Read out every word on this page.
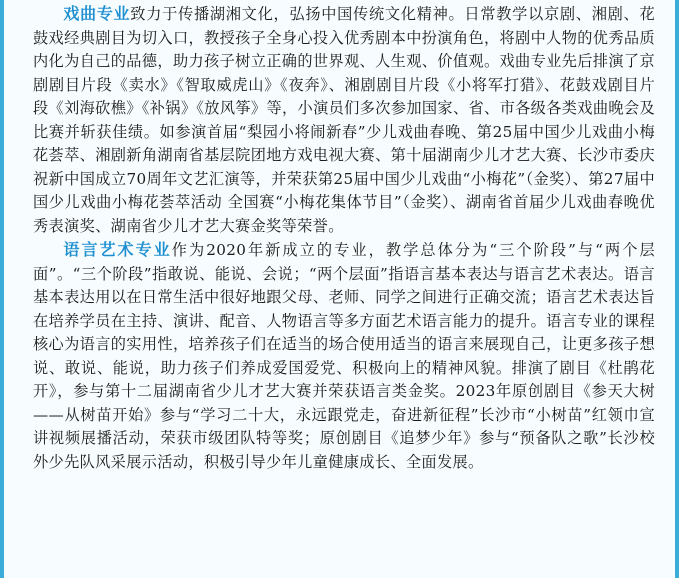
戏曲专业致力于传播湖湘文化，弘扬中国传统文化精神。日常教学以京剧、湘剧、花鼓戏经典剧目为切入口，教授孩子全身心投入优秀剧本中扮演角色，将剧中人物的优秀品质内化为自己的品德，助力孩子树立正确的世界观、人生观、价值观。戏曲专业先后排演了京剧剧目片段《卖水》《智取威虎山》《夜奔》、湘剧剧目片段《小将军打猎》、花鼓戏剧目片段《刘海砍樵》《补锅》《放风筝》等，小演员们多次参加国家、省、市各级各类戏曲晚会及比赛并斩获佳绩。如参演首届“梨园小将闹新春”少儿戏曲春晚、第25届中国少儿戏曲小梅花荟萃、湘剧新角湖南省基层院团地方戏电视大赛、第十届湖南少儿才艺大赛、长沙市委庆祝新中国成立70周年文艺汇演等，并荣获第25届中国少儿戏曲“小梅花”（金奖）、第27届中国少儿戏曲小梅花荟萃活动 全国赛“小梅花集体节目”（金奖）、湖南省首届少儿戏曲春晚优秀表演奖、湖南省少儿才艺大赛金奖等荣誉。

语言艺术专业作为2020年新成立的专业，教学总体分为“三个阶段”与“两个层面”。“三个阶段”指敢说、能说、会说；“两个层面”指语言基本表达与语言艺术表达。语言基本表达用以在日常生活中很好地跟父母、老师、同学之间进行正确交流；语言艺术表达旨在培养学员在主持、演讲、配音、人物语言等多方面艺术语言能力的提升。语言专业的课程核心为语言的实用性，培养孩子们在适当的场合使用适当的语言来展现自己，让更多孩子想说、敢说、能说，助力孩子们养成爱国爱党、积极向上的精神风貌。排演了剧目《杜鹃花开》，参与第十二届湖南省少儿才艺大赛并荣获语言类金奖。2023年原创剧目《参天大树——从树苗开始》参与“学习二十大，永远跟党走，奋进新征程”长沙市“小树苗”红领巾宣讲视频展播活动，荣获市级团队特等奖；原创剧目《追梦少年》参与“预备队之歌”长沙校外少先队风采展示活动，积极引导少年儿童健康成长、全面发展。
